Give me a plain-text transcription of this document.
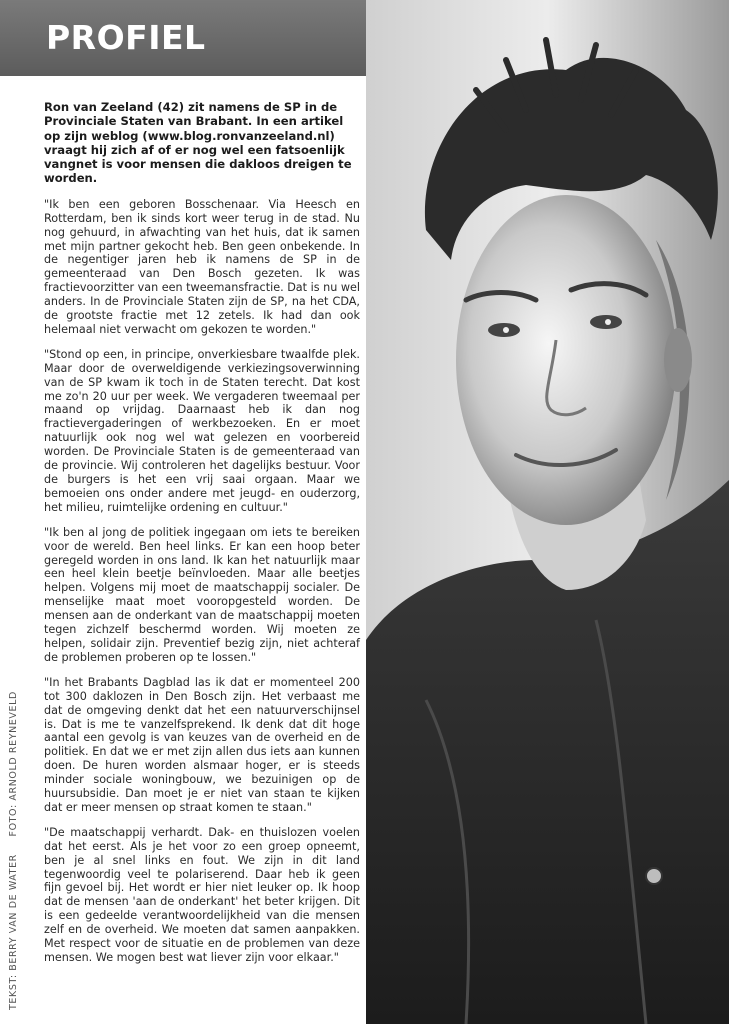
PROFIEL

Ron van Zeeland (42) zit namens de SP in de Provinciale Staten van Brabant. In een artikel op zijn weblog (www.blog.ronvanzeeland.nl) vraagt hij zich af of er nog wel een fatsoenlijk vangnet is voor mensen die dakloos dreigen te worden.

"Ik ben een geboren Bosschenaar. Via Heesch en Rotterdam, ben ik sinds kort weer terug in de stad. Nu nog gehuurd, in afwachting van het huis, dat ik samen met mijn partner gekocht heb. Ben geen onbekende. In de negentiger jaren heb ik namens de SP in de gemeenteraad van Den Bosch gezeten. Ik was fractievoorzitter van een tweemansfractie. Dat is nu wel anders. In de Provinciale Staten zijn de SP, na het CDA, de grootste fractie met 12 zetels. Ik had dan ook helemaal niet verwacht om gekozen te worden."

"Stond op een, in principe, onverkiesbare twaalfde plek. Maar door de overweldigende verkiezingsoverwinning van de SP kwam ik toch in de Staten terecht. Dat kost me zo'n 20 uur per week. We vergaderen tweemaal per maand op vrijdag. Daarnaast heb ik dan nog fractievergaderingen of werkbezoeken. En er moet natuurlijk ook nog wel wat gelezen en voorbereid worden. De Provinciale Staten is de gemeenteraad van de provincie. Wij controleren het dagelijks bestuur. Voor de burgers is het een vrij saai orgaan. Maar we bemoeien ons onder andere met jeugd- en ouderzorg, het milieu, ruimtelijke ordening en cultuur."

"Ik ben al jong de politiek ingegaan om iets te bereiken voor de wereld. Ben heel links. Er kan een hoop beter geregeld worden in ons land. Ik kan het natuurlijk maar een heel klein beetje beïnvloeden. Maar alle beetjes helpen. Volgens mij moet de maatschappij socialer. De menselijke maat moet vooropgesteld worden. De mensen aan de onderkant van de maatschappij moeten tegen zichzelf beschermd worden. Wij moeten ze helpen, solidair zijn. Preventief bezig zijn, niet achteraf de problemen proberen op te lossen."

"In het Brabants Dagblad las ik dat er momenteel 200 tot 300 daklozen in Den Bosch zijn. Het verbaast me dat de omgeving denkt dat het een natuurverschijnsel is. Dat is me te vanzelfsprekend. Ik denk dat dit hoge aantal een gevolg is van keuzes van de overheid en de politiek. En dat we er met zijn allen dus iets aan kunnen doen. De huren worden alsmaar hoger, er is steeds minder sociale woningbouw, we bezuinigen op de huursubsidie. Dan moet je er niet van staan te kijken dat er meer mensen op straat komen te staan."

"De maatschappij verhardt. Dak- en thuislozen voelen dat het eerst. Als je het voor zo een groep opneemt, ben je al snel links en fout. We zijn in dit land tegenwoordig veel te polariserend. Daar heb ik geen fijn gevoel bij. Het wordt er hier niet leuker op. Ik hoop dat de mensen 'aan de onderkant' het beter krijgen. Dit is een gedeelde verantwoordelijkheid van die mensen zelf en de overheid. We moeten dat samen aanpakken. Met respect voor de situatie en de problemen van deze mensen. We mogen best wat liever zijn voor elkaar."

TEKST: BERRY VAN DE WATER FOTO: ARNOLD REYNEVELD
